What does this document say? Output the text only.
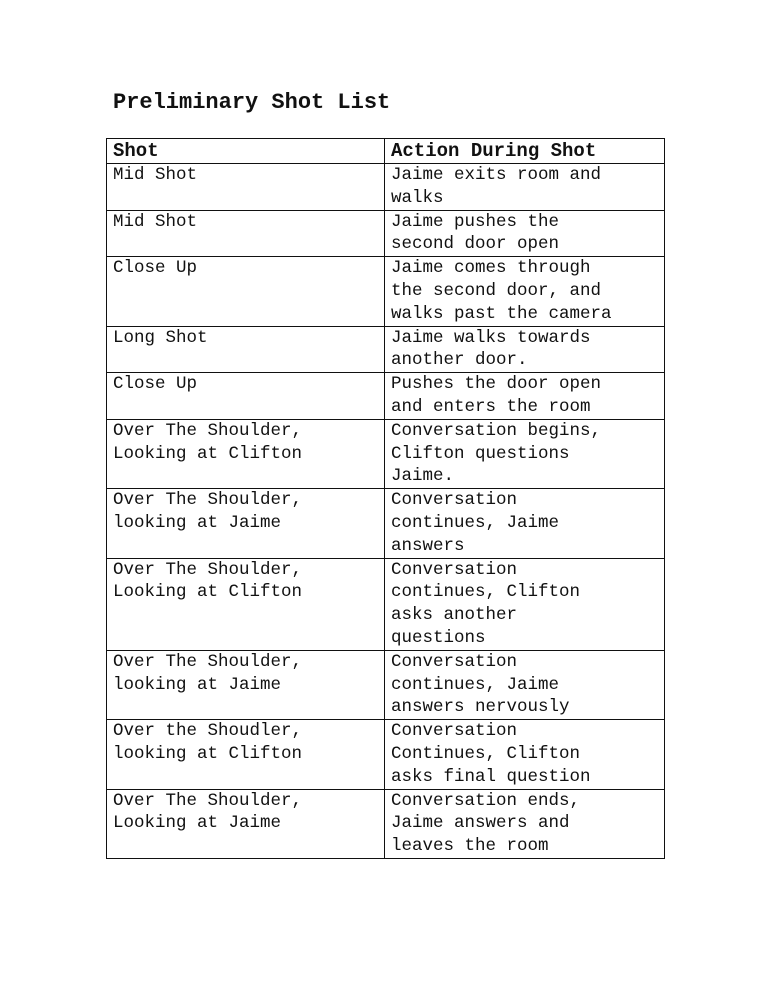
Preliminary Shot List
Shot	Action During Shot
Mid Shot	Jaime exits room and
walks
Mid Shot	Jaime pushes the
second door open
Close Up	Jaime comes through
the second door, and
walks past the camera
Long Shot	Jaime walks towards
another door.
Close Up	Pushes the door open
and enters the room
Over The Shoulder,
Looking at Clifton	Conversation begins,
Clifton questions
Jaime.
Over The Shoulder,
looking at Jaime	Conversation
continues, Jaime
answers
Over The Shoulder,
Looking at Clifton	Conversation
continues, Clifton
asks another
questions
Over The Shoulder,
looking at Jaime	Conversation
continues, Jaime
answers nervously
Over the Shoudler,
looking at Clifton	Conversation
Continues, Clifton
asks final question
Over The Shoulder,
Looking at Jaime	Conversation ends,
Jaime answers and
leaves the room
